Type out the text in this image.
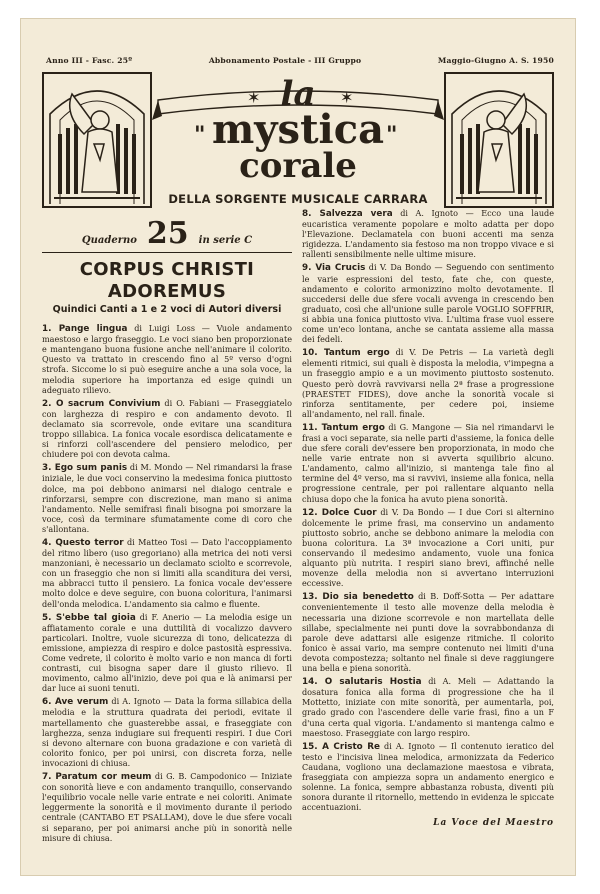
Anno III - Fasc. 25º	Abbonamento Postale - III Gruppo	Maggio-Giugno A. S. 1950
✶	✶
la
mystica
corale
"	"
DELLA SORGENTE MUSICALE CARRARA
Quaderno 25 in serie C
CORPUS CHRISTI ADOREMUS
Quindici Canti a 1 e 2 voci di Autori diversi
1. Pange lingua di Luigi Loss — Vuole andamento maestoso e largo fraseggio. Le voci siano ben proporzionate e mantengano buona fusione anche nell'animare il colorito. Questo va trattato in crescendo fino al 5º verso d'ogni strofa. Siccome lo si può eseguire anche a una sola voce, la melodia superiore ha importanza ed esige quindi un adeguato rilievo.
2. O sacrum Convivium di O. Fabiani — Fraseggiatelo con larghezza di respiro e con andamento devoto. Il declamato sia scorrevole, onde evitare una scanditura troppo sillabica. La fonica vocale esordisca delicatamente e si rinforzi coll'ascendere del pensiero melodico, per chiudere poi con devota calma.
3. Ego sum panis di M. Mondo — Nel rimandarsi la frase iniziale, le due voci conservino la medesima fonica piuttosto dolce, ma poi debbono animarsi nel dialogo centrale e rinforzarsi, sempre con discrezione, man mano si anima l'andamento. Nelle semifrasi finali bisogna poi smorzare la voce, così da terminare sfumatamente come di coro che s'allontana.
4. Questo terror di Matteo Tosi — Dato l'accoppiamento del ritmo libero (uso gregoriano) alla metrica dei noti versi manzoniani, è necessario un declamato sciolto e scorrevole, con un fraseggio che non si limiti alla scanditura dei versi, ma abbracci tutto il pensiero. La fonica vocale dev'essere molto dolce e deve seguire, con buona coloritura, l'animarsi dell'onda melodica. L'andamento sia calmo e fluente.
5. S'ebbe tal gioia di F. Anerio — La melodia esige un affiatamento corale e una duttilità di vocalizzo davvero particolari. Inoltre, vuole sicurezza di tono, delicatezza di emissione, ampiezza di respiro e dolce pastosità espressiva. Come vedrete, il colorito è molto vario e non manca di forti contrasti, cui bisogna saper dare il giusto rilievo. Il movimento, calmo all'inizio, deve poi qua e là animarsi per dar luce ai suoni tenuti.
6. Ave verum di A. Ignoto — Data la forma sillabica della melodia e la struttura quadrata dei periodi, evitate il martellamento che guasterebbe assai, e fraseggiate con larghezza, senza indugiare sui frequenti respiri. I due Cori si devono alternare con buona gradazione e con varietà di colorito fonico, per poi unirsi, con discreta forza, nelle invocazioni di chiusa.
7. Paratum cor meum di G. B. Campodonico — Iniziate con sonorità lieve e con andamento tranquillo, conservando l'equilibrio vocale nelle varie entrate e nei coloriti. Animate leggermente la sonorità e il movimento durante il periodo centrale (CANTABO ET PSALLAM), dove le due sfere vocali si separano, per poi animarsi anche più in sonorità nelle misure di chiusa.
8. Salvezza vera di A. Ignoto — Ecco una laude eucaristica veramente popolare e molto adatta per dopo l'Elevazione. Declamatela con buoni accenti ma senza rigidezza. L'andamento sia festoso ma non troppo vivace e si rallenti sensibilmente nelle ultime misure.
9. Via Crucis di V. Da Bondo — Seguendo con sentimento le varie espressioni del testo, fate che, con queste, andamento e colorito armonizzino molto devotamente. Il succedersi delle due sfere vocali avvenga in crescendo ben graduato, così che all'unione sulle parole VOGLIO SOFFRIR, si abbia una fonica piuttosto viva. L'ultima frase vuol essere come un'eco lontana, anche se cantata assieme alla massa dei fedeli.
10. Tantum ergo di V. De Petris — La varietà degli elementi ritmici, sui quali è disposta la melodia, v'impegna a un fraseggio ampio e a un movimento piuttosto sostenuto. Questo però dovrà ravvivarsi nella 2ª frase a progressione (PRAESTET FIDES), dove anche la sonorità vocale si rinforza sentitamente, per cedere poi, insieme all'andamento, nel rall. finale.
11. Tantum ergo di G. Mangone — Sia nel rimandarvi le frasi a voci separate, sia nelle parti d'assieme, la fonica delle due sfere corali dev'essere ben proporzionata, in modo che nelle varie entrate non si avverta squilibrio alcuno. L'andamento, calmo all'inizio, si mantenga tale fino al termine del 4º verso, ma si ravvivi, insieme alla fonica, nella progressione centrale, per poi rallentare alquanto nella chiusa dopo che la fonica ha avuto piena sonorità.
12. Dolce Cuor di V. Da Bondo — I due Cori si alternino dolcemente le prime frasi, ma conservino un andamento piuttosto sobrio, anche se debbono animare la melodia con buona coloritura. La 3ª invocazione a Cori uniti, pur conservando il medesimo andamento, vuole una fonica alquanto più nutrita. I respiri siano brevi, affinché nelle movenze della melodia non si avvertano interruzioni eccessive.
13. Dio sia benedetto di B. Doff-Sotta — Per adattare convenientemente il testo alle movenze della melodia è necessaria una dizione scorrevole e non martellata delle sillabe, specialmente nei punti dove la sovrabbondanza di parole deve adattarsi alle esigenze ritmiche. Il colorito fonico è assai vario, ma sempre contenuto nei limiti d'una devota compostezza; soltanto nel finale si deve raggiungere una bella e piena sonorità.
14. O salutaris Hostia di A. Meli — Adattando la dosatura fonica alla forma di progressione che ha il Mottetto, iniziate con mite sonorità, per aumentarla, poi, grado grado con l'ascendere delle varie frasi, fino a un F d'una certa qual vigoria. L'andamento si mantenga calmo e maestoso. Fraseggiate con largo respiro.
15. A Cristo Re di A. Ignoto — Il contenuto ieratico del testo e l'incisiva linea melodica, armonizzata da Federico Caudana, vogliono una declamazione maestosa e vibrata, fraseggiata con ampiezza sopra un andamento energico e solenne. La fonica, sempre abbastanza robusta, diventi più sonora durante il ritornello, mettendo in evidenza le spiccate accentuazioni.
La Voce del Maestro
